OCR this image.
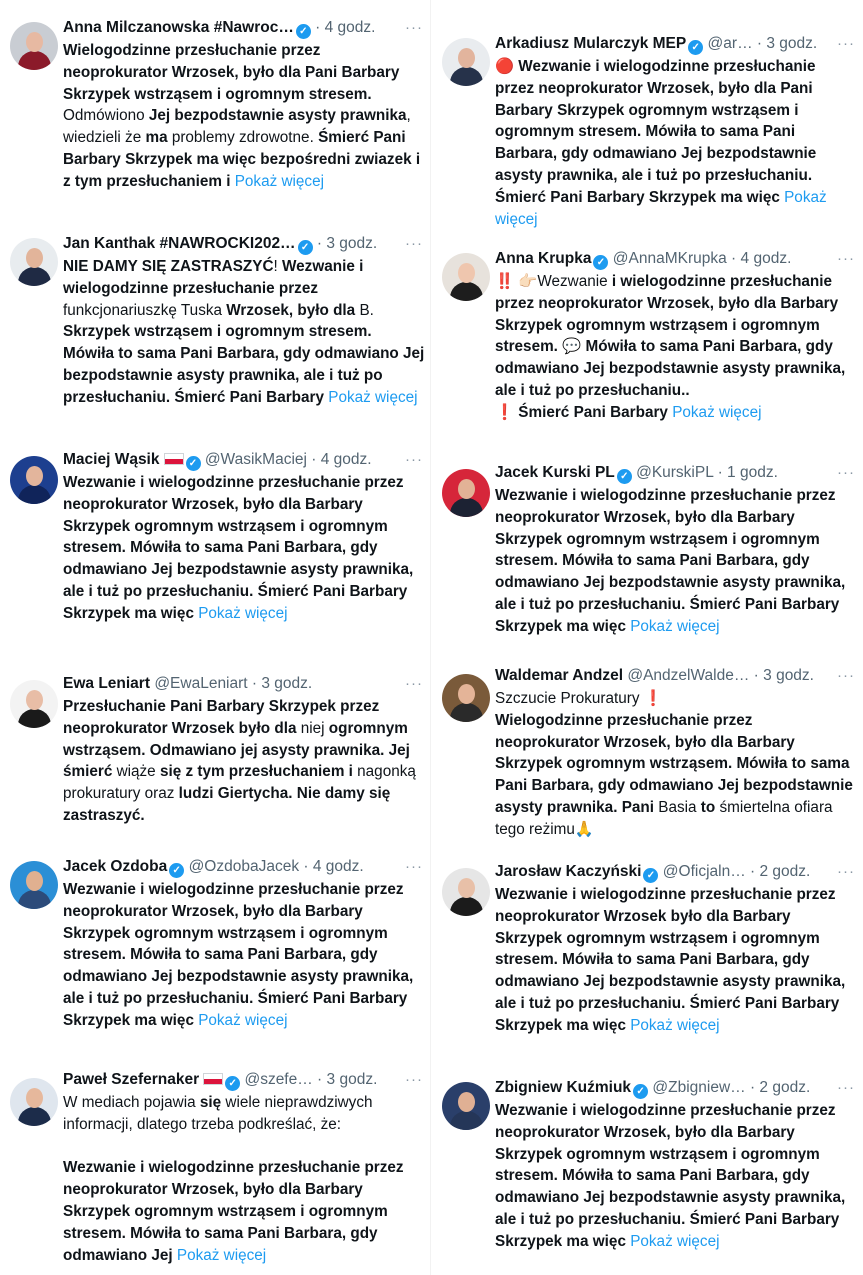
Anna Milczanowska #Nawroc… ✓ · 4 godz. ···
Wielogodzinne przesłuchanie przez neoprokurator Wrzosek, było dla Pani Barbary Skrzypek wstrząsem i ogromnym stresem. Odmówiono Jej bezpodstawnie asysty prawnika, wiedzieli że ma problemy zdrowotne. Śmierć Pani Barbary Skrzypek ma więc bezpośredni zwiazek i z tym przesłuchaniem i Pokaż więcej
Jan Kanthak #NAWROCKI202… ✓ · 3 godz. ···
NIE DAMY SIĘ ZASTRASZYĆ! Wezwanie i wielogodzinne przesłuchanie przez funkcjonariuszkę Tuska Wrzosek, było dla B. Skrzypek wstrząsem i ogromnym stresem. Mówiła to sama Pani Barbara, gdy odmawiano Jej bezpodstawnie asysty prawnika, ale i tuż po przesłuchaniu. Śmierć Pani Barbary Pokaż więcej
Maciej Wąsik	✓ @WasikMaciej · 4 godz. ···
Wezwanie i wielogodzinne przesłuchanie przez neoprokurator Wrzosek, było dla Barbary Skrzypek ogromnym wstrząsem i ogromnym stresem. Mówiła to sama Pani Barbara, gdy odmawiano Jej bezpodstawnie asysty prawnika, ale i tuż po przesłuchaniu. Śmierć Pani Barbary Skrzypek ma więc Pokaż więcej
Ewa Leniart @EwaLeniart · 3 godz.	···
Przesłuchanie Pani Barbary Skrzypek przez neoprokurator Wrzosek było dla niej ogromnym wstrząsem. Odmawiano jej asysty prawnika. Jej śmierć wiąże się z tym przesłuchaniem i nagonką prokuratury oraz ludzi Giertycha. Nie damy się zastraszyć.
Jacek Ozdoba ✓ @OzdobaJacek · 4 godz.	···
Wezwanie i wielogodzinne przesłuchanie przez neoprokurator Wrzosek, było dla Barbary Skrzypek ogromnym wstrząsem i ogromnym stresem. Mówiła to sama Pani Barbara, gdy odmawiano Jej bezpodstawnie asysty prawnika, ale i tuż po przesłuchaniu. Śmierć Pani Barbary Skrzypek ma więc Pokaż więcej
Paweł Szefernaker	✓ @szefe… · 3 godz. ···
W mediach pojawia się wiele nieprawdziwych informacji, dlatego trzeba podkreślać, że:

Wezwanie i wielogodzinne przesłuchanie przez neoprokurator Wrzosek, było dla Barbary Skrzypek ogromnym wstrząsem i ogromnym stresem. Mówiła to sama Pani Barbara, gdy odmawiano Jej Pokaż więcej
Arkadiusz Mularczyk MEP ✓ @ar… · 3 godz. ···
🔴 Wezwanie i wielogodzinne przesłuchanie przez neoprokurator Wrzosek, było dla Pani Barbary Skrzypek ogromnym wstrząsem i ogromnym stresem. Mówiła to sama Pani Barbara, gdy odmawiano Jej bezpodstawnie asysty prawnika, ale i tuż po przesłuchaniu. Śmierć Pani Barbary Skrzypek ma więc Pokaż więcej
Anna Krupka ✓ @AnnaMKrupka · 4 godz.	···
‼️ 👉🏻Wezwanie i wielogodzinne przesłuchanie przez neoprokurator Wrzosek, było dla Barbary Skrzypek ogromnym wstrząsem i ogromnym stresem. 💬 Mówiła to sama Pani Barbara, gdy odmawiano Jej bezpodstawnie asysty prawnika, ale i tuż po przesłuchaniu..
❗ Śmierć Pani Barbary Pokaż więcej
Jacek Kurski PL ✓ @KurskiPL · 1 godz.	···
Wezwanie i wielogodzinne przesłuchanie przez neoprokurator Wrzosek, było dla Barbary Skrzypek ogromnym wstrząsem i ogromnym stresem. Mówiła to sama Pani Barbara, gdy odmawiano Jej bezpodstawnie asysty prawnika, ale i tuż po przesłuchaniu. Śmierć Pani Barbary Skrzypek ma więc Pokaż więcej
Waldemar Andzel @AndzelWalde… · 3 godz. ···
Szczucie Prokuratury ❗
Wielogodzinne przesłuchanie przez neoprokurator Wrzosek, było dla Barbary Skrzypek ogromnym wstrząsem. Mówiła to sama Pani Barbara, gdy odmawiano Jej bezpodstawnie asysty prawnika. Pani Basia to śmiertelna ofiara tego reżimu🙏
Jarosław Kaczyński ✓ @Oficjaln… · 2 godz. ···
Wezwanie i wielogodzinne przesłuchanie przez neoprokurator Wrzosek było dla Barbary Skrzypek ogromnym wstrząsem i ogromnym stresem. Mówiła to sama Pani Barbara, gdy odmawiano Jej bezpodstawnie asysty prawnika, ale i tuż po przesłuchaniu. Śmierć Pani Barbary Skrzypek ma więc Pokaż więcej
Zbigniew Kuźmiuk ✓ @Zbigniew… · 2 godz. ···
Wezwanie i wielogodzinne przesłuchanie przez neoprokurator Wrzosek, było dla Barbary Skrzypek ogromnym wstrząsem i ogromnym stresem. Mówiła to sama Pani Barbara, gdy odmawiano Jej bezpodstawnie asysty prawnika, ale i tuż po przesłuchaniu. Śmierć Pani Barbary Skrzypek ma więc Pokaż więcej
